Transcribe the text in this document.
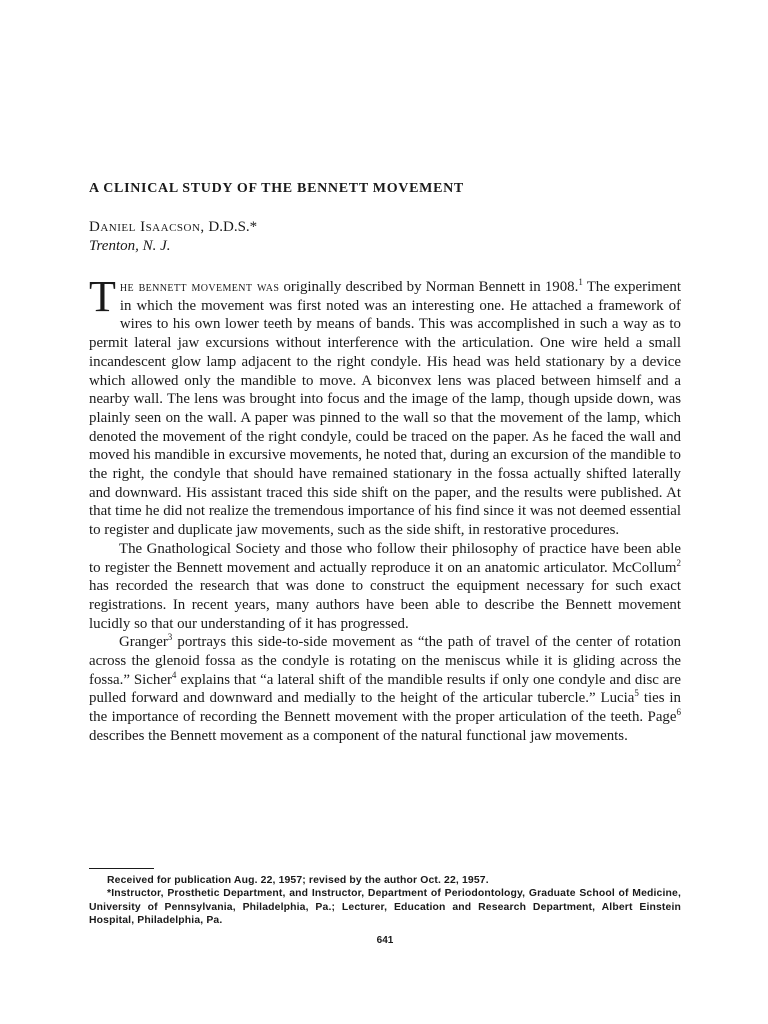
A CLINICAL STUDY OF THE BENNETT MOVEMENT
Daniel Isaacson, D.D.S.*
Trenton, N. J.

The bennett movement was originally described by Norman Bennett in 1908.$^1$ The experiment in which the movement was first noted was an interesting one. He attached a framework of wires to his own lower teeth by means of bands. This was accomplished in such a way as to permit lateral jaw excursions without interference with the articulation. One wire held a small incandescent glow lamp adjacent to the right condyle. His head was held stationary by a device which allowed only the mandible to move. A biconvex lens was placed between himself and a nearby wall. The lens was brought into focus and the image of the lamp, though upside down, was plainly seen on the wall. A paper was pinned to the wall so that the movement of the lamp, which denoted the movement of the right condyle, could be traced on the paper. As he faced the wall and moved his mandible in excursive movements, he noted that, during an excursion of the mandible to the right, the condyle that should have remained stationary in the fossa actually shifted laterally and downward. His assistant traced this side shift on the paper, and the results were published. At that time he did not realize the tremendous importance of his find since it was not deemed essential to register and duplicate jaw movements, such as the side shift, in restorative procedures.

The Gnathological Society and those who follow their philosophy of practice have been able to register the Bennett movement and actually reproduce it on an anatomic articulator. McCollum$^2$ has recorded the research that was done to construct the equipment necessary for such exact registrations. In recent years, many authors have been able to describe the Bennett movement lucidly so that our understanding of it has progressed.

Granger$^3$ portrays this side-to-side movement as “the path of travel of the center of rotation across the glenoid fossa as the condyle is rotating on the meniscus while it is gliding across the fossa.” Sicher$^4$ explains that “a lateral shift of the mandible results if only one condyle and disc are pulled forward and downward and medially to the height of the articular tubercle.” Lucia$^5$ ties in the importance of recording the Bennett movement with the proper articulation of the teeth. Page$^6$ describes the Bennett movement as a component of the natural functional jaw movements.

Received for publication Aug. 22, 1957; revised by the author Oct. 22, 1957.

*Instructor, Prosthetic Department, and Instructor, Department of Periodontology, Graduate School of Medicine, University of Pennsylvania, Philadelphia, Pa.; Lecturer, Education and Research Department, Albert Einstein Hospital, Philadelphia, Pa.

641
